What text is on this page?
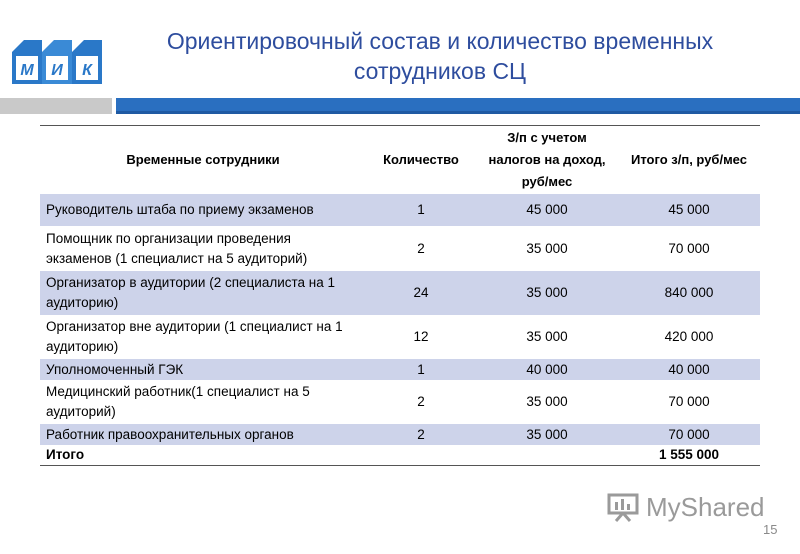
М И К
Ориентировочный состав и количество временных
сотрудников СЦ
Временные сотрудники	Количество	З/п с учетом налогов на доход, руб/мес	Итого з/п, руб/мес
Руководитель штаба по приему экзаменов	1	45 000	45 000
Помощник по организации проведения экзаменов (1 специалист на 5 аудиторий)	2	35 000	70 000
Организатор в аудитории (2 специалиста на 1 аудиторию)	24	35 000	840 000
Организатор вне аудитории (1 специалист на 1 аудиторию)	12	35 000	420 000
Уполномоченный ГЭК	1	40 000	40 000
Медицинский работник(1 специалист на 5 аудиторий)	2	35 000	70 000
Работник правоохранительных органов	2	35 000	70 000
Итого			1 555 000
MyShared
15
